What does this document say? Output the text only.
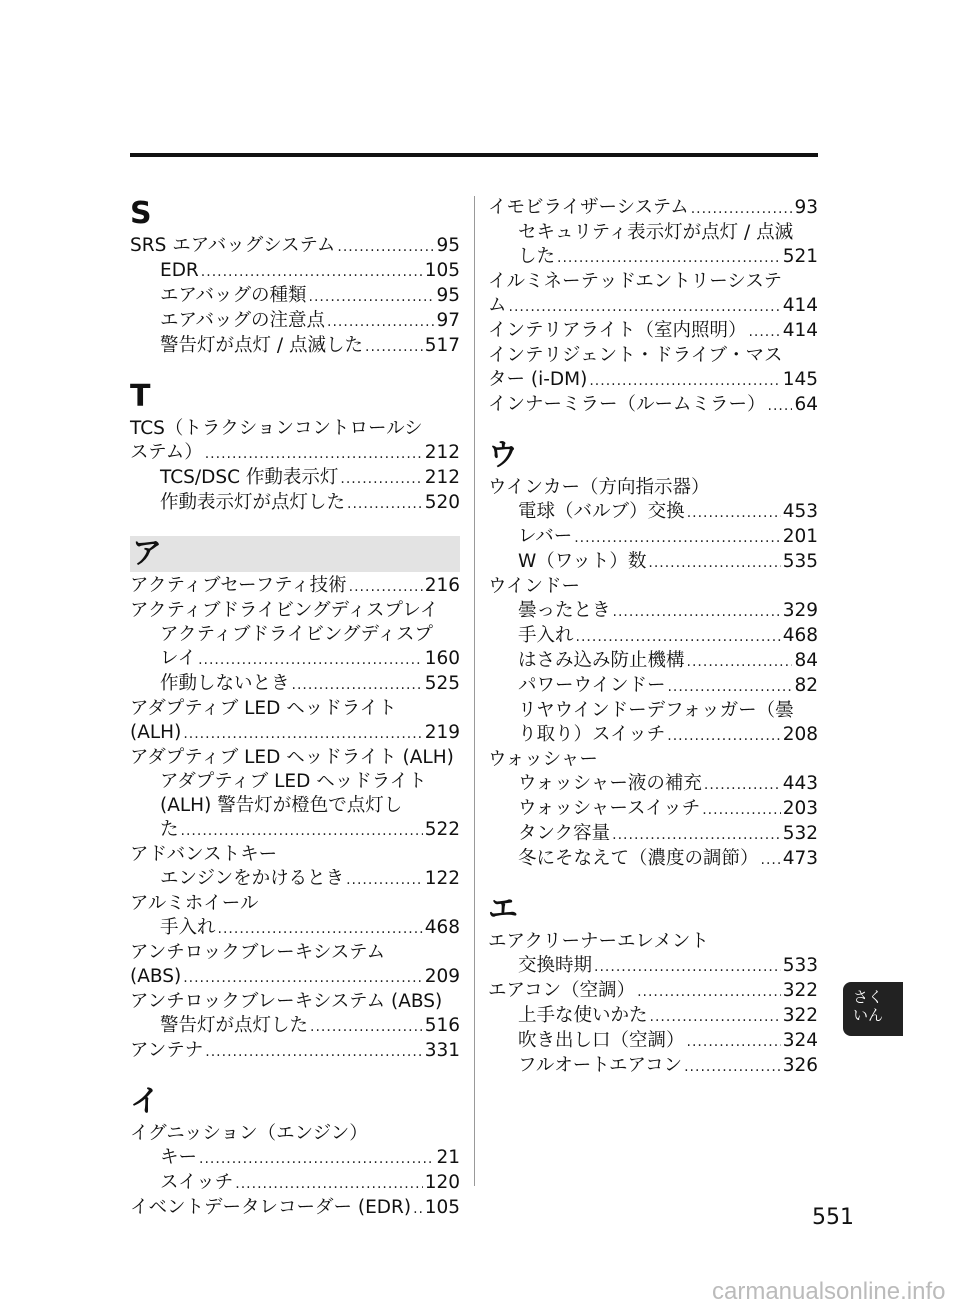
S
SRS エアバッグシステム .....	95
EDR .....	105
エアバッグの種類 .....	95
エアバッグの注意点 .....	97
警告灯が点灯 / 点滅した .....	517
T
TCS（トラクションコントロールシ
ステム） .....	212
TCS/DSC 作動表示灯 .....	212
作動表示灯が点灯した .....	520
ア
アクティブセーフティ技術 .....	216
アクティブドライビングディスプレイ
アクティブドライビングディスプ
レイ .....	160
作動しないとき .....	525
アダプティブ LED ヘッドライト
(ALH) .....	219
アダプティブ LED ヘッドライト (ALH)
アダプティブ LED ヘッドライト
(ALH) 警告灯が橙色で点灯し
た .....	522
アドバンストキー
エンジンをかけるとき .....	122
アルミホイール
手入れ .....	468
アンチロックブレーキシステム
(ABS) .....	209
アンチロックブレーキシステム (ABS)
警告灯が点灯した .....	516
アンテナ .....	331
イ
イグニッション（エンジン）
キー .....	21
スイッチ .....	120
イベントデータレコーダー (EDR) ..... 105
イモビライザーシステム .....	93
セキュリティ表示灯が点灯 / 点滅
した .....	521
イルミネーテッドエントリーシステ
ム .....	414
インテリアライト（室内照明） ..... 414
インテリジェント・ドライブ・マス
ター (i-DM) .....	145
インナーミラー（ルームミラー） ..... 64
ウ
ウインカー（方向指示器）
電球（バルブ）交換 .....	453
レバー .....	201
W（ワット）数 .....	535
ウインドー
曇ったとき .....	329
手入れ .....	468
はさみ込み防止機構 .....	84
パワーウインドー .....	82
リヤウインドーデフォッガー（曇
り取り）スイッチ .....	208
ウォッシャー
ウォッシャー液の補充 .....	443
ウォッシャースイッチ .....	203
タンク容量 .....	532
冬にそなえて（濃度の調節） ..... 473
エ
エアクリーナーエレメント
交換時期 .....	533
エアコン（空調） .....	322
上手な使いかた .....	322
吹き出し口（空調） .....	324
フルオートエアコン .....	326
さく
いん
551
carmanualsonline.info
